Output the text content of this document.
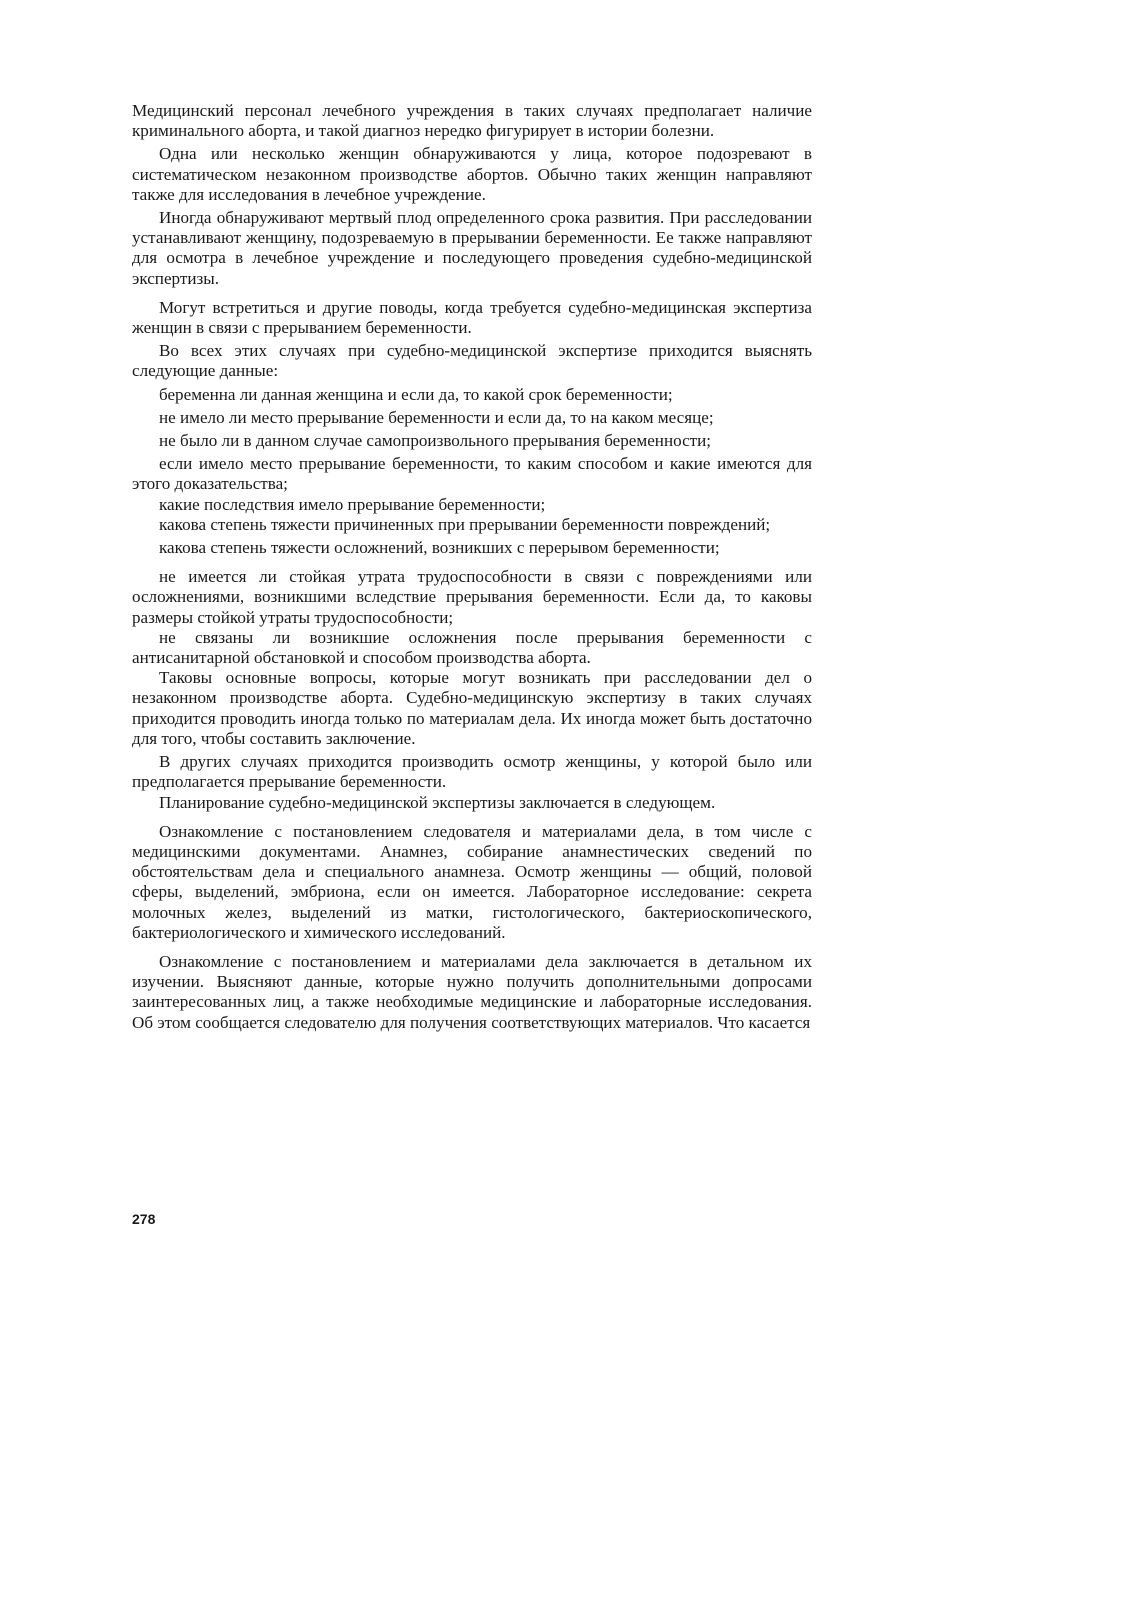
Медицинский персонал лечебного учреждения в таких случаях предполагает наличие криминального аборта, и такой диагноз нередко фигурирует в истории болезни.

Одна или несколько женщин обнаруживаются у лица, которое подозревают в систематическом незаконном производстве абортов. Обычно таких женщин направляют также для исследования в лечебное учреждение.

Иногда обнаруживают мертвый плод определенного срока развития. При расследовании устанавливают женщину, подозреваемую в прерывании беременности. Ее также направляют для осмотра в лечебное учреждение и последующего проведения судебно-медицинской экспертизы.

Могут встретиться и другие поводы, когда требуется судебно-медицинская экспертиза женщин в связи с прерыванием беременности.

Во всех этих случаях при судебно-медицинской экспертизе приходится выяснять следующие данные:

беременна ли данная женщина и если да, то какой срок беременности;

не имело ли место прерывание беременности и если да, то на каком месяце;

не было ли в данном случае самопроизвольного прерывания беременности;

если имело место прерывание беременности, то каким способом и какие имеются для этого доказательства;

какие последствия имело прерывание беременности;

какова степень тяжести причиненных при прерывании беременности повреждений;

какова степень тяжести осложнений, возникших с перерывом беременности;

не имеется ли стойкая утрата трудоспособности в связи с повреждениями или осложнениями, возникшими вследствие прерывания беременности. Если да, то каковы размеры стойкой утраты трудоспособности;

не связаны ли возникшие осложнения после прерывания беременности с антисанитарной обстановкой и способом производства аборта.

Таковы основные вопросы, которые могут возникать при расследовании дел о незаконном производстве аборта. Судебно-медицинскую экспертизу в таких случаях приходится проводить иногда только по материалам дела. Их иногда может быть достаточно для того, чтобы составить заключение.

В других случаях приходится производить осмотр женщины, у которой было или предполагается прерывание беременности.

Планирование судебно-медицинской экспертизы заключается в следующем.

Ознакомление с постановлением следователя и материалами дела, в том числе с медицинскими документами. Анамнез, собирание анамнестических сведений по обстоятельствам дела и специального анамнеза. Осмотр женщины — общий, половой сферы, выделений, эмбриона, если он имеется. Лабораторное исследование: секрета молочных желез, выделений из матки, гистологического, бактериоскопического, бактериологического и химического исследований.

Ознакомление с постановлением и материалами дела заключается в детальном их изучении. Выясняют данные, которые нужно получить дополнительными допросами заинтересованных лиц, а также необходимые медицинские и лабораторные исследования. Об этом сообщается следователю для получения соответствующих материалов. Что касается

278
